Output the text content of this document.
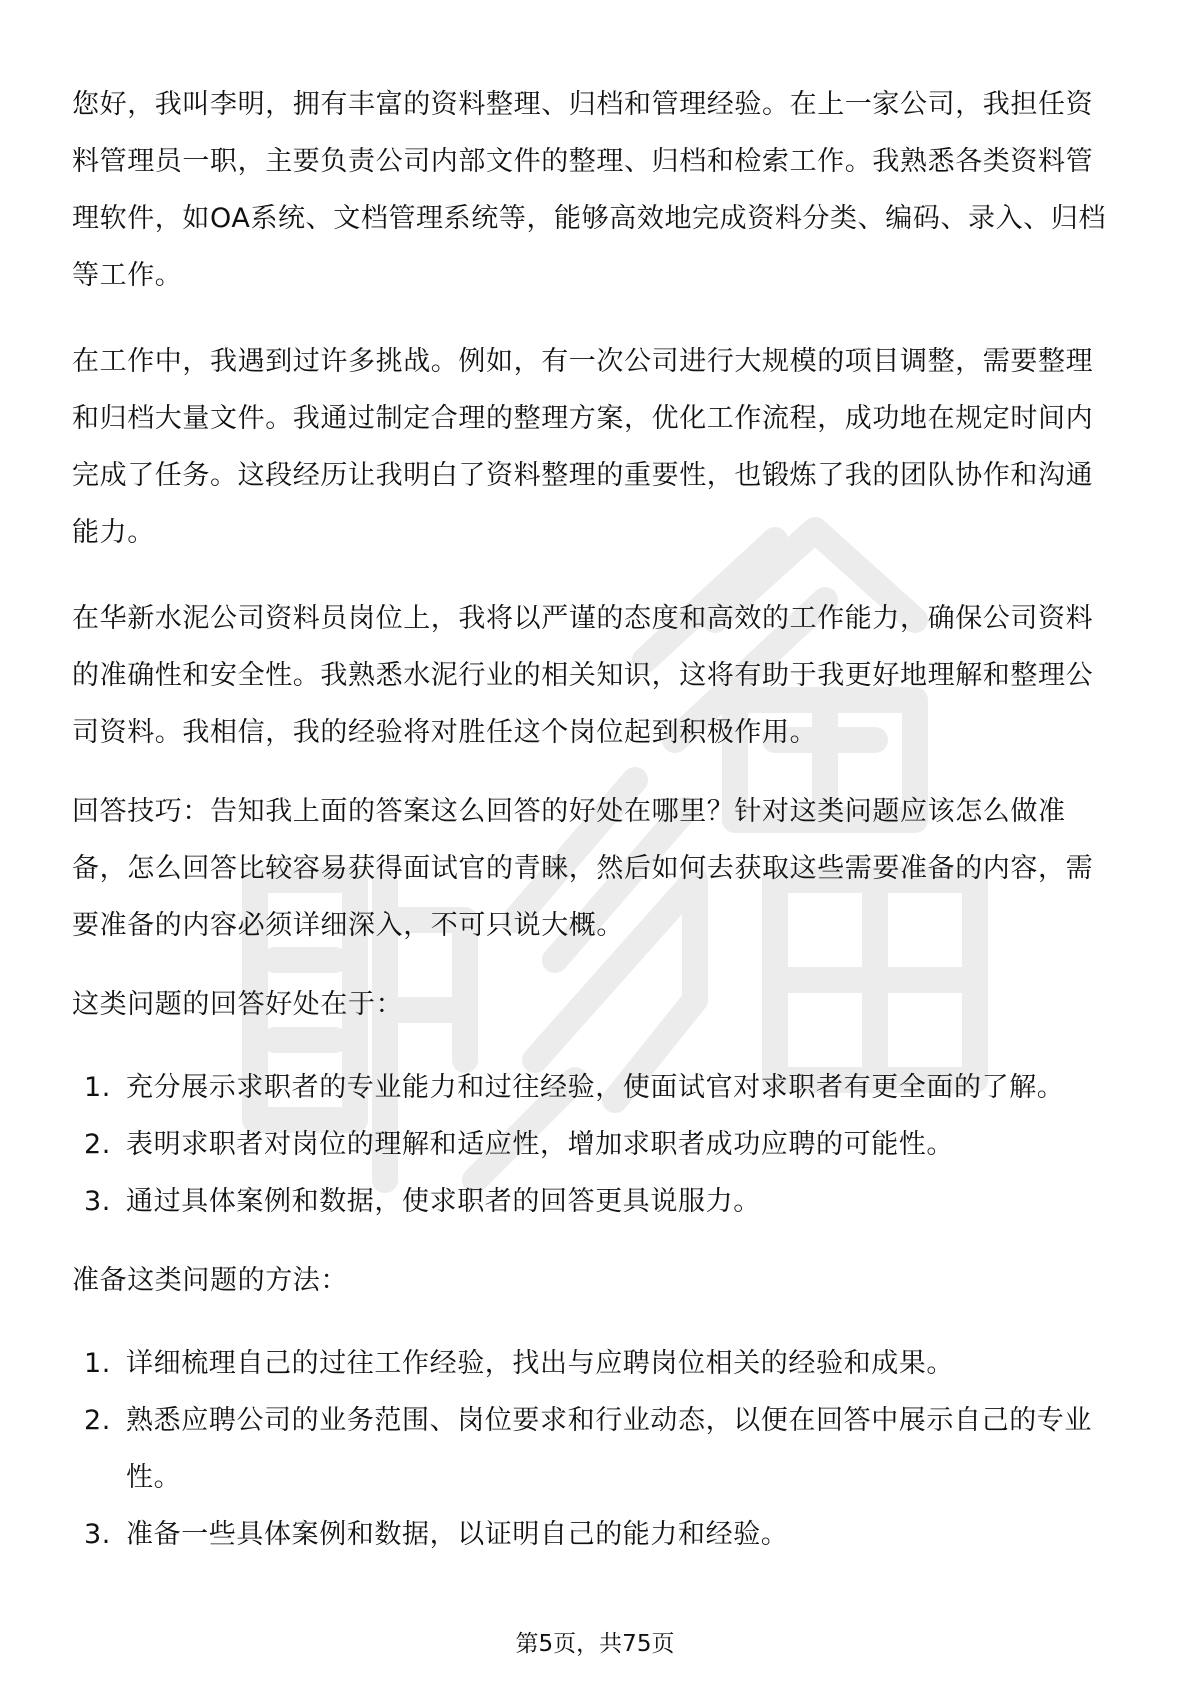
您好，我叫李明，拥有丰富的资料整理、归档和管理经验。在上一家公司，我担任资料管理员一职，主要负责公司内部文件的整理、归档和检索工作。我熟悉各类资料管理软件，如OA系统、文档管理系统等，能够高效地完成资料分类、编码、录入、归档等工作。

在工作中，我遇到过许多挑战。例如，有一次公司进行大规模的项目调整，需要整理和归档大量文件。我通过制定合理的整理方案，优化工作流程，成功地在规定时间内完成了任务。这段经历让我明白了资料整理的重要性，也锻炼了我的团队协作和沟通能力。

在华新水泥公司资料员岗位上，我将以严谨的态度和高效的工作能力，确保公司资料的准确性和安全性。我熟悉水泥行业的相关知识，这将有助于我更好地理解和整理公司资料。我相信，我的经验将对胜任这个岗位起到积极作用。

回答技巧：告知我上面的答案这么回答的好处在哪里？针对这类问题应该怎么做准备，怎么回答比较容易获得面试官的青睐，然后如何去获取这些需要准备的内容，需要准备的内容必须详细深入，不可只说大概。

这类问题的回答好处在于：

1. 充分展示求职者的专业能力和过往经验，使面试官对求职者有更全面的了解。
2. 表明求职者对岗位的理解和适应性，增加求职者成功应聘的可能性。
3. 通过具体案例和数据，使求职者的回答更具说服力。

准备这类问题的方法：

1. 详细梳理自己的过往工作经验，找出与应聘岗位相关的经验和成果。
2. 熟悉应聘公司的业务范围、岗位要求和行业动态，以便在回答中展示自己的专业性。
3. 准备一些具体案例和数据，以证明自己的能力和经验。
第5页，共75页
